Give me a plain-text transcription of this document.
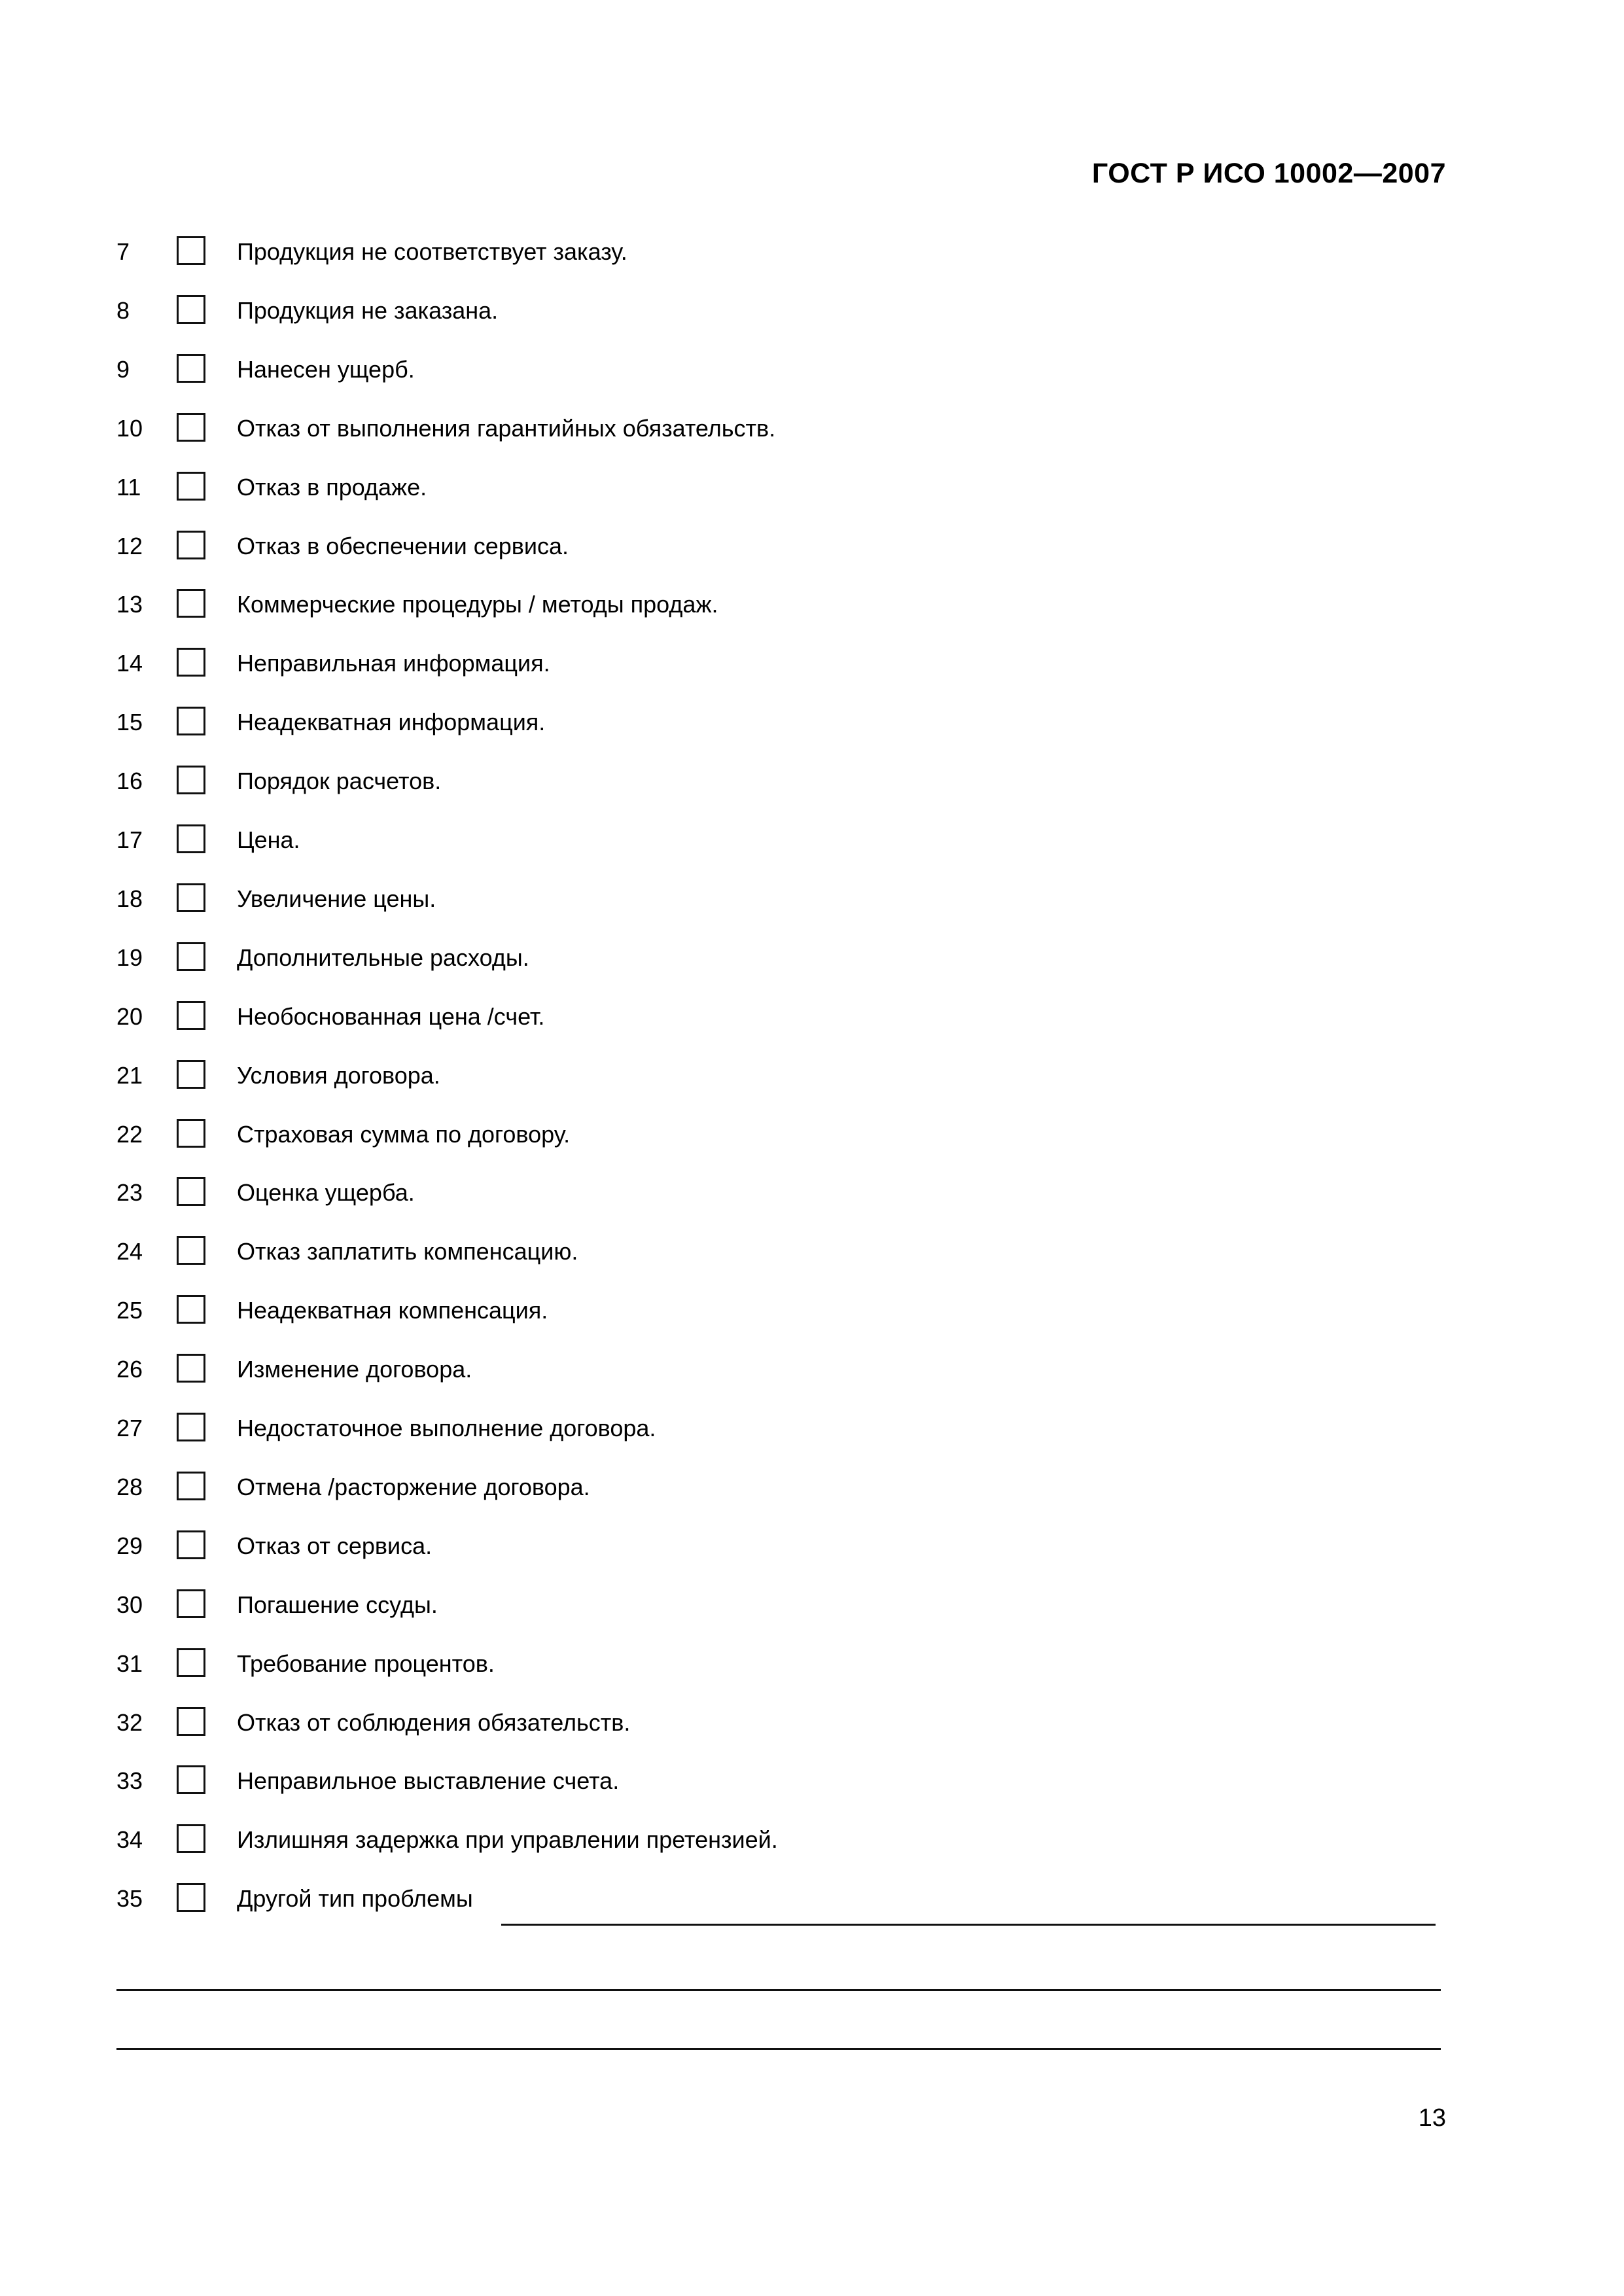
ГОСТ Р ИСО 10002—2007
7	Продукция не соответствует заказу.
8	Продукция не заказана.
9	Нанесен ущерб.
10	Отказ от выполнения гарантийных обязательств.
11	Отказ в продаже.
12	Отказ в обеспечении сервиса.
13	Коммерческие процедуры / методы продаж.
14	Неправильная информация.
15	Неадекватная информация.
16	Порядок расчетов.
17	Цена.
18	Увеличение цены.
19	Дополнительные расходы.
20	Необоснованная цена /счет.
21	Условия договора.
22	Страховая сумма по договору.
23	Оценка ущерба.
24	Отказ заплатить компенсацию.
25	Неадекватная компенсация.
26	Изменение договора.
27	Недостаточное выполнение договора.
28	Отмена /расторжение договора.
29	Отказ от сервиса.
30	Погашение ссуды.
31	Требование процентов.
32	Отказ от соблюдения обязательств.
33	Неправильное выставление счета.
34	Излишняя задержка при управлении претензией.
35	Другой тип проблемы
13
